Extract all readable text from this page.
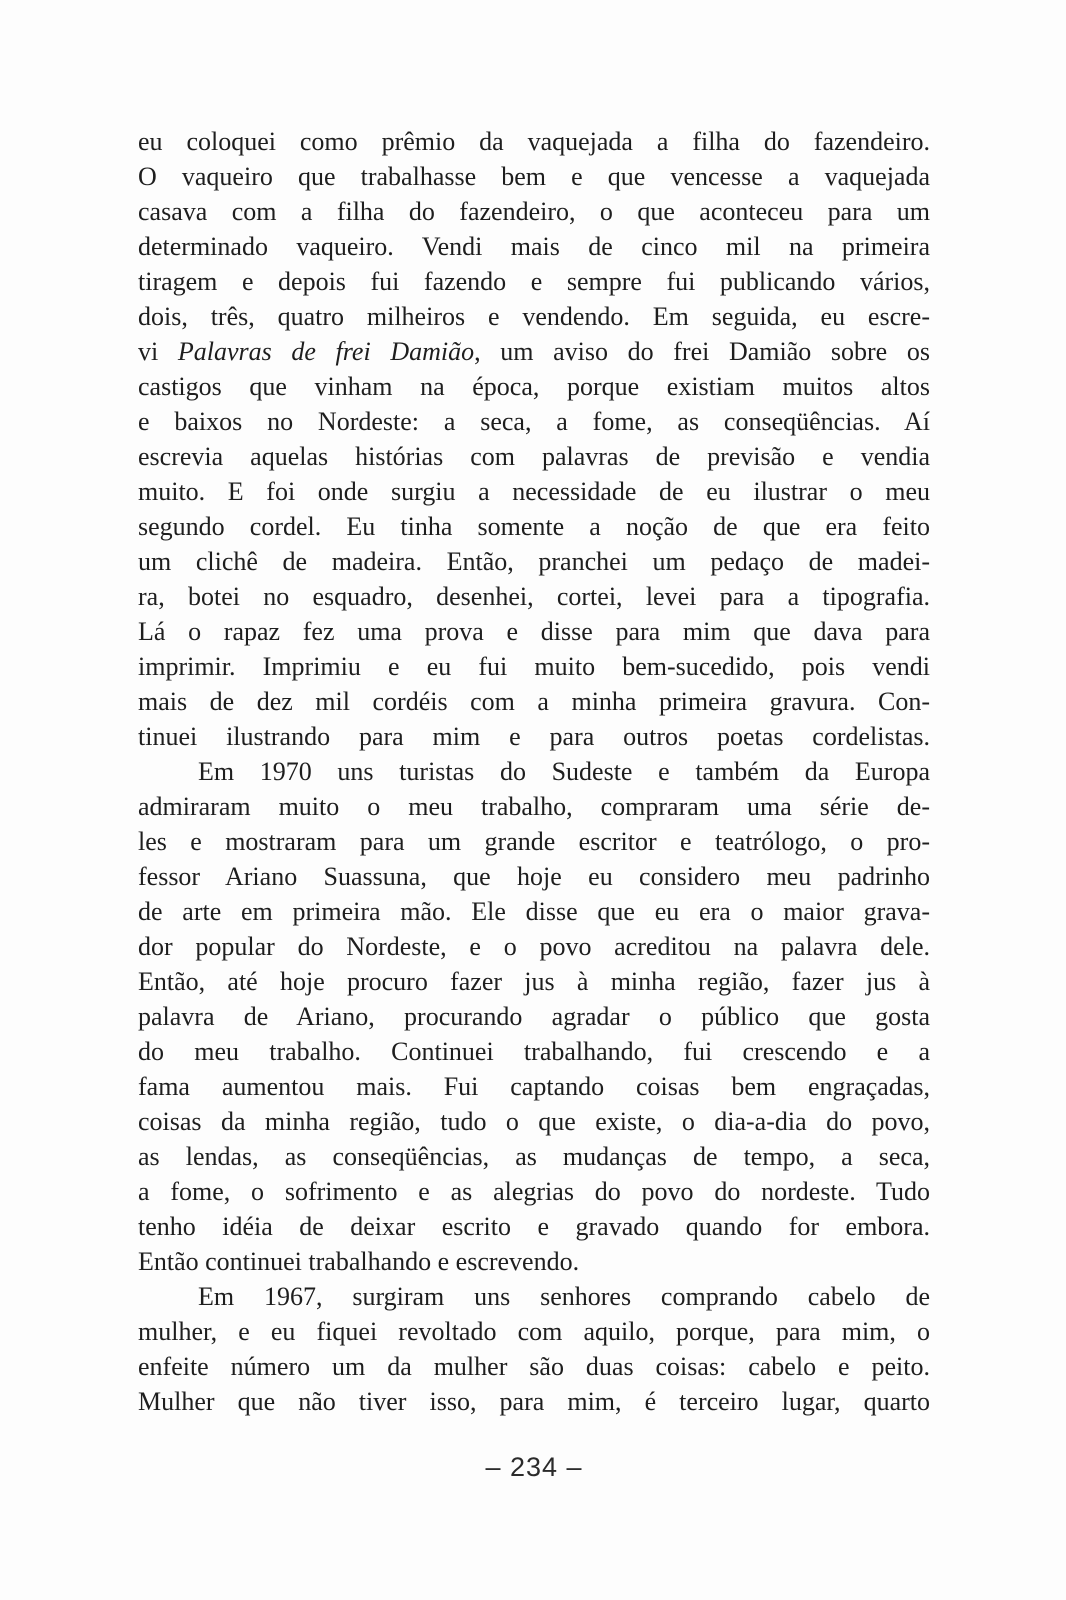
eu coloquei como prêmio da vaquejada a filha do fazendeiro.
O vaqueiro que trabalhasse bem e que vencesse a vaquejada
casava com a filha do fazendeiro, o que aconteceu para um
determinado vaqueiro. Vendi mais de cinco mil na primeira
tiragem e depois fui fazendo e sempre fui publicando vários,
dois, três, quatro milheiros e vendendo. Em seguida, eu escre-
vi Palavras de frei Damião, um aviso do frei Damião sobre os
castigos que vinham na época, porque existiam muitos altos
e baixos no Nordeste: a seca, a fome, as conseqüências. Aí
escrevia aquelas histórias com palavras de previsão e vendia
muito. E foi onde surgiu a necessidade de eu ilustrar o meu
segundo cordel. Eu tinha somente a noção de que era feito
um clichê de madeira. Então, pranchei um pedaço de madei-
ra, botei no esquadro, desenhei, cortei, levei para a tipografia.
Lá o rapaz fez uma prova e disse para mim que dava para
imprimir. Imprimiu e eu fui muito bem-sucedido, pois vendi
mais de dez mil cordéis com a minha primeira gravura. Con-
tinuei ilustrando para mim e para outros poetas cordelistas.
Em 1970 uns turistas do Sudeste e também da Europa
admiraram muito o meu trabalho, compraram uma série de-
les e mostraram para um grande escritor e teatrólogo, o pro-
fessor Ariano Suassuna, que hoje eu considero meu padrinho
de arte em primeira mão. Ele disse que eu era o maior grava-
dor popular do Nordeste, e o povo acreditou na palavra dele.
Então, até hoje procuro fazer jus à minha região, fazer jus à
palavra de Ariano, procurando agradar o público que gosta
do meu trabalho. Continuei trabalhando, fui crescendo e a
fama aumentou mais. Fui captando coisas bem engraçadas,
coisas da minha região, tudo o que existe, o dia-a-dia do povo,
as lendas, as conseqüências, as mudanças de tempo, a seca,
a fome, o sofrimento e as alegrias do povo do nordeste. Tudo
tenho idéia de deixar escrito e gravado quando for embora.
Então continuei trabalhando e escrevendo.
Em 1967, surgiram uns senhores comprando cabelo de
mulher, e eu fiquei revoltado com aquilo, porque, para mim, o
enfeite número um da mulher são duas coisas: cabelo e peito.
Mulher que não tiver isso, para mim, é terceiro lugar, quarto
– 234 –
